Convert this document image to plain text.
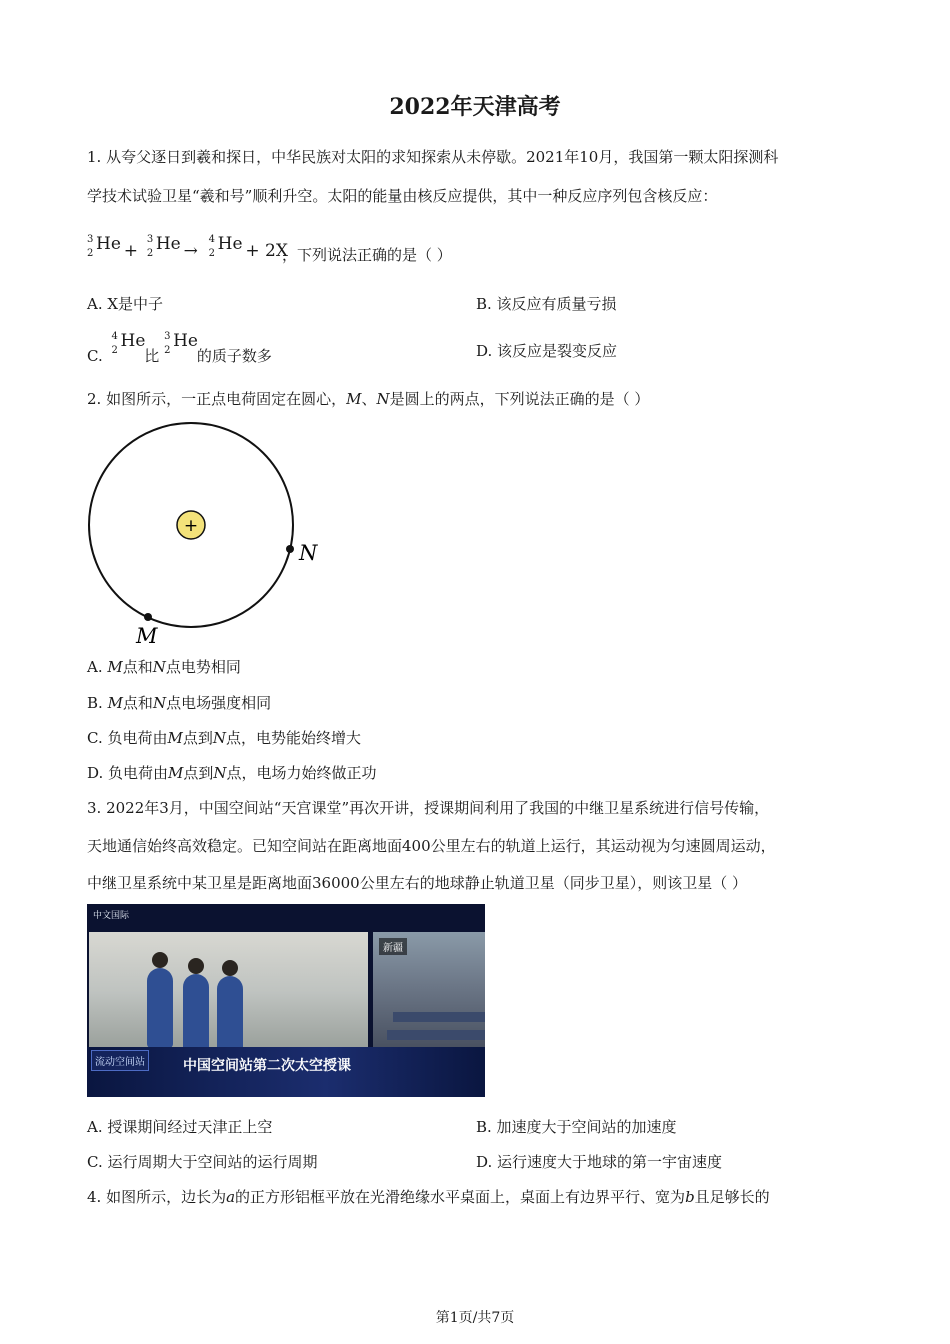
2022年天津高考
1. 从夸父逐日到羲和探日，中华民族对太阳的求知探索从未停歇。2021年10月，我国第一颗太阳探测科
学技术试验卫星“羲和号”顺利升空。太阳的能量由核反应提供，其中一种反应序列包含核反应：
3
2 He +
3
2 He →
4
2 He + 2X
，下列说法正确的是（ ）
A. X是中子	B. 该反应有质量亏损
C.
4
2 He
比
3
2 He
的质子数多	D. 该反应是裂变反应
2. 如图所示，一正点电荷固定在圆心，M、N是圆上的两点，下列说法正确的是（ ）
+
N
M
A. M点和N点电势相同
B. M点和N点电场强度相同
C. 负电荷由M点到N点，电势能始终增大
D. 负电荷由M点到N点，电场力始终做正功
3. 2022年3月，中国空间站“天宫课堂”再次开讲，授课期间利用了我国的中继卫星系统进行信号传输，
天地通信始终高效稳定。已知空间站在距离地面400公里左右的轨道上运行，其运动视为匀速圆周运动，
中继卫星系统中某卫星是距离地面36000公里左右的地球静止轨道卫星（同步卫星），则该卫星（ ）
中文国际
新疆
流动空间站	中国空间站第二次太空授课
A. 授课期间经过天津正上空	B. 加速度大于空间站的加速度
C. 运行周期大于空间站的运行周期	D. 运行速度大于地球的第一宇宙速度
4. 如图所示，边长为a的正方形铝框平放在光滑绝缘水平桌面上，桌面上有边界平行、宽为b且足够长的
第1页/共7页
